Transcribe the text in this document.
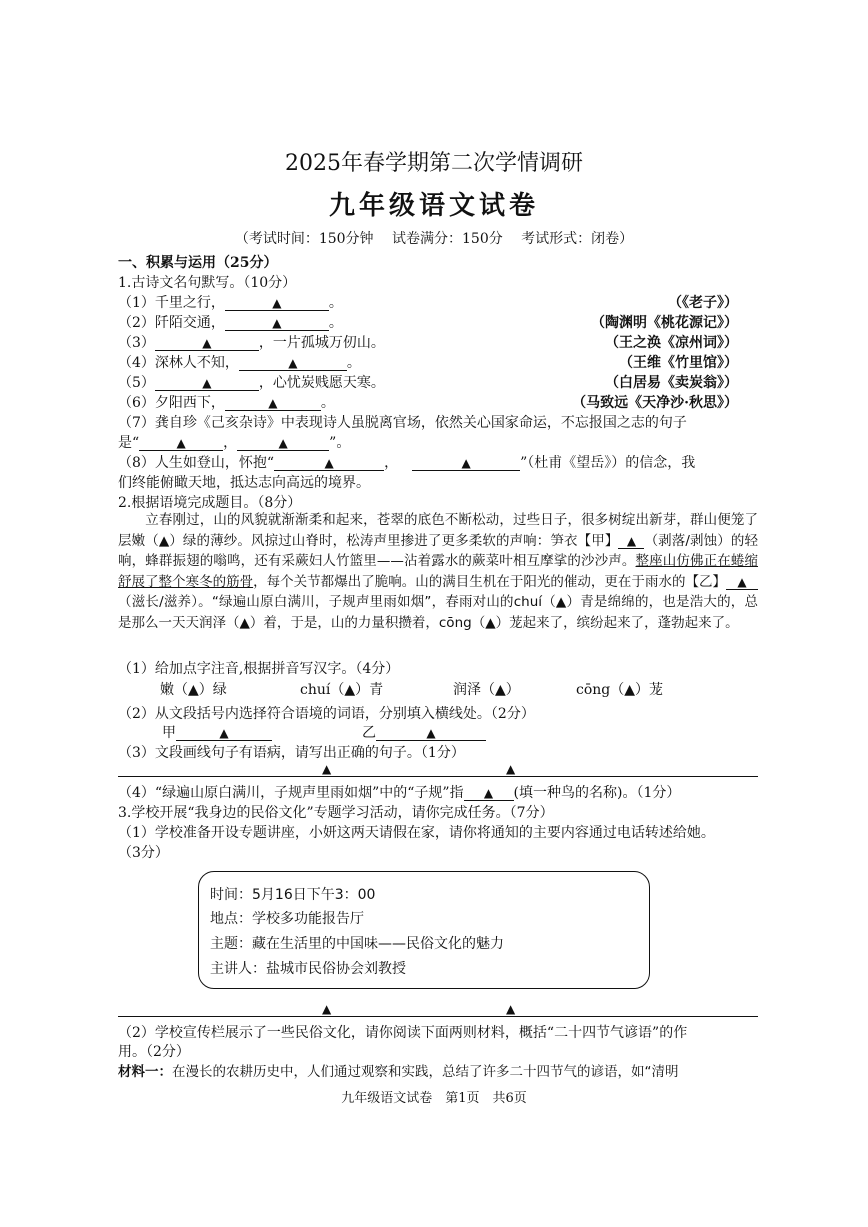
2025年春学期第二次学情调研
九年级语文试卷
（考试时间：150分钟　 试卷满分：150分　 考试形式：闭卷）
一、积累与运用（25分）
1.古诗文名句默写。（10分）
（1）千里之行，	▲	。	（《老子》）
（2）阡陌交通，	▲	。	（陶渊明《桃花源记》）
（3）	▲	，一片孤城万仞山。	（王之涣《凉州词》）
（4）深林人不知，	▲	。	（王维《竹里馆》）
（5）	▲	，心忧炭贱愿天寒。	（白居易《卖炭翁》）
（6）夕阳西下，	▲	。	（马致远《天净沙·秋思》）
（7）龚自珍《己亥杂诗》中表现诗人虽脱离官场，依然关心国家命运，不忘报国之志的句子
是“	▲	，	▲	”。
（8）人生如登山，怀抱“	▲	，	▲	”（杜甫《望岳》）的信念，我
们终能俯瞰天地，抵达志向高远的境界。
2.根据语境完成题目。（8分）

　　立春刚过，山的风貌就渐渐柔和起来，苍翠的底色不断松动，过些日子，很多树绽出新芽，群山便笼了层嫩（▲）绿的薄纱。风掠过山脊时，松涛声里掺进了更多柔软的声响：笋衣【甲】 ▲ （剥落/剥蚀）的轻响，蜂群振翅的嗡鸣，还有采蕨妇人竹篮里——沾着露水的蕨菜叶相互摩挲的沙沙声。整座山仿佛正在蜷缩舒展了整个寒冬的筋骨，每个关节都爆出了脆响。山的满目生机在于阳光的催动，更在于雨水的【乙】 ▲（滋长/滋养）。“绿遍山原白满川，子规声里雨如烟”，春雨对山的chuí（▲）青是绵绵的，也是浩大的，总是那么一天天润泽（▲）着，于是，山的力量积攒着，cōng（▲）茏起来了，缤纷起来了，蓬勃起来了。

（1）给加点字注音,根据拼音写汉字。（4分）
嫩（▲）绿	chuí（▲）青	润泽（▲）	cōng（▲）茏
（2）从文段括号内选择符合语境的词语，分别填入横线处。（2分）
甲	▲	乙	▲
（3）文段画线句子有语病，请写出正确的句子。（1分）
▲	▲
（4）“绿遍山原白满川，子规声里雨如烟”中的“子规”指 ▲ (填一种鸟的名称)。（1分）
3.学校开展“我身边的民俗文化”专题学习活动，请你完成任务。（7分）
（1）学校准备开设专题讲座，小妍这两天请假在家，请你将通知的主要内容通过电话转述给她。
（3分）
时间：5月16日下午3：00
地点：学校多功能报告厅
主题：藏在生活里的中国味——民俗文化的魅力
主讲人：盐城市民俗协会刘教授
▲	▲
（2）学校宣传栏展示了一些民俗文化，请你阅读下面两则材料，概括“二十四节气谚语”的作
用。（2分）
材料一：在漫长的农耕历史中，人们通过观察和实践，总结了许多二十四节气的谚语，如“清明
九年级语文试卷　第1页　共6页
